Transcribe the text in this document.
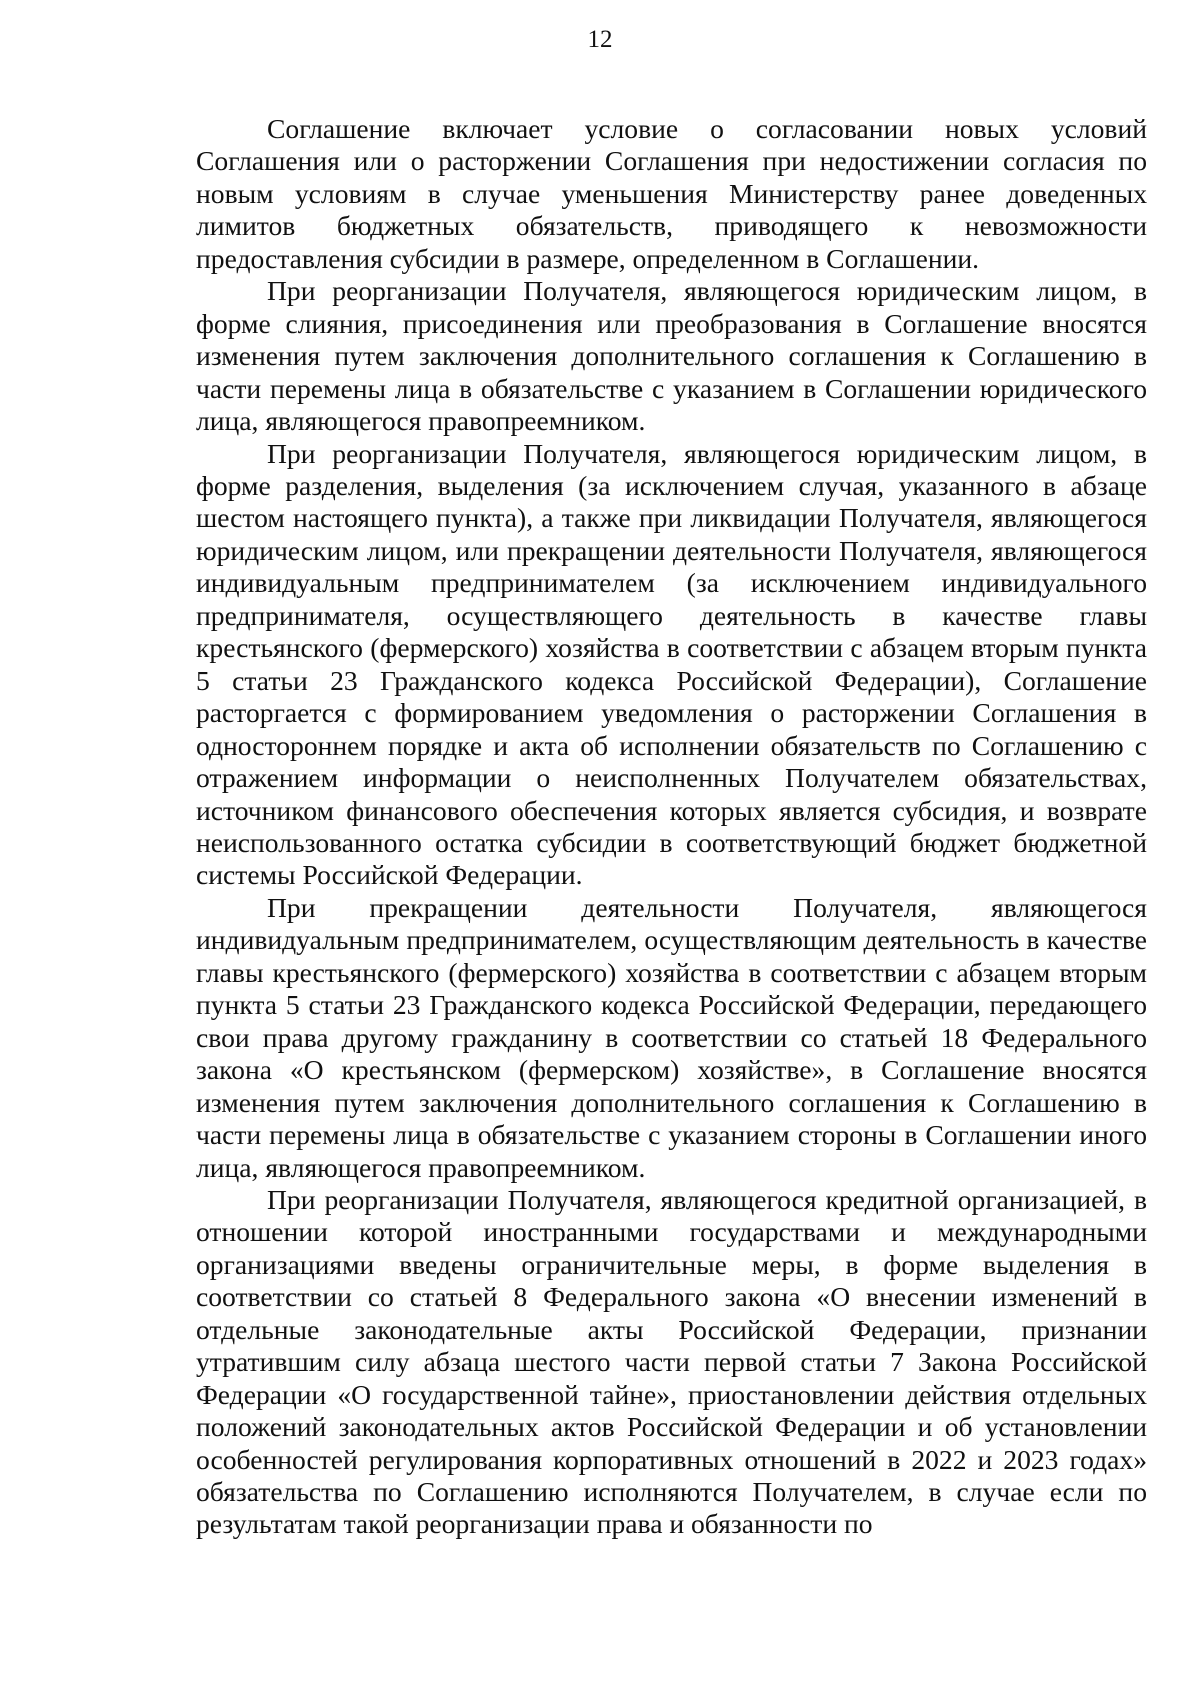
12

Соглашение включает условие о согласовании новых условий Соглашения или о расторжении Соглашения при недостижении согласия по новым условиям в случае уменьшения Министерству ранее доведенных лимитов бюджетных обязательств, приводящего к невозможности предоставления субсидии в размере, определенном в Соглашении.

При реорганизации Получателя, являющегося юридическим лицом, в форме слияния, присоединения или преобразования в Соглашение вносятся изменения путем заключения дополнительного соглашения к Соглашению в части перемены лица в обязательстве с указанием в Соглашении юридического лица, являющегося правопреемником.

При реорганизации Получателя, являющегося юридическим лицом, в форме разделения, выделения (за исключением случая, указанного в абзаце шестом настоящего пункта), а также при ликвидации Получателя, являющегося юридическим лицом, или прекращении деятельности Получателя, являющегося индивидуальным предпринимателем (за исключением индивидуального предпринимателя, осуществляющего деятельность в качестве главы крестьянского (фермерского) хозяйства в соответствии с абзацем вторым пункта 5 статьи 23 Гражданского кодекса Российской Федерации), Соглашение расторгается с формированием уведомления о расторжении Соглашения в одностороннем порядке и акта об исполнении обязательств по Соглашению с отражением информации о неисполненных Получателем обязательствах, источником финансового обеспечения которых является субсидия, и возврате неиспользованного остатка субсидии в соответствующий бюджет бюджетной системы Российской Федерации.

При прекращении деятельности Получателя, являющегося индивидуальным предпринимателем, осуществляющим деятельность в качестве главы крестьянского (фермерского) хозяйства в соответствии с абзацем вторым пункта 5 статьи 23 Гражданского кодекса Российской Федерации, передающего свои права другому гражданину в соответствии со статьей 18 Федерального закона «О крестьянском (фермерском) хозяйстве», в Соглашение вносятся изменения путем заключения дополнительного соглашения к Соглашению в части перемены лица в обязательстве с указанием стороны в Соглашении иного лица, являющегося правопреемником.

При реорганизации Получателя, являющегося кредитной организацией, в отношении которой иностранными государствами и международными организациями введены ограничительные меры, в форме выделения в соответствии со статьей 8 Федерального закона «О внесении изменений в отдельные законодательные акты Российской Федерации, признании утратившим силу абзаца шестого части первой статьи 7 Закона Российской Федерации «О государственной тайне», приостановлении действия отдельных положений законодательных актов Российской Федерации и об установлении особенностей регулирования корпоративных отношений в 2022 и 2023 годах» обязательства по Соглашению исполняются Получателем, в случае если по результатам такой реорганизации права и обязанности по
